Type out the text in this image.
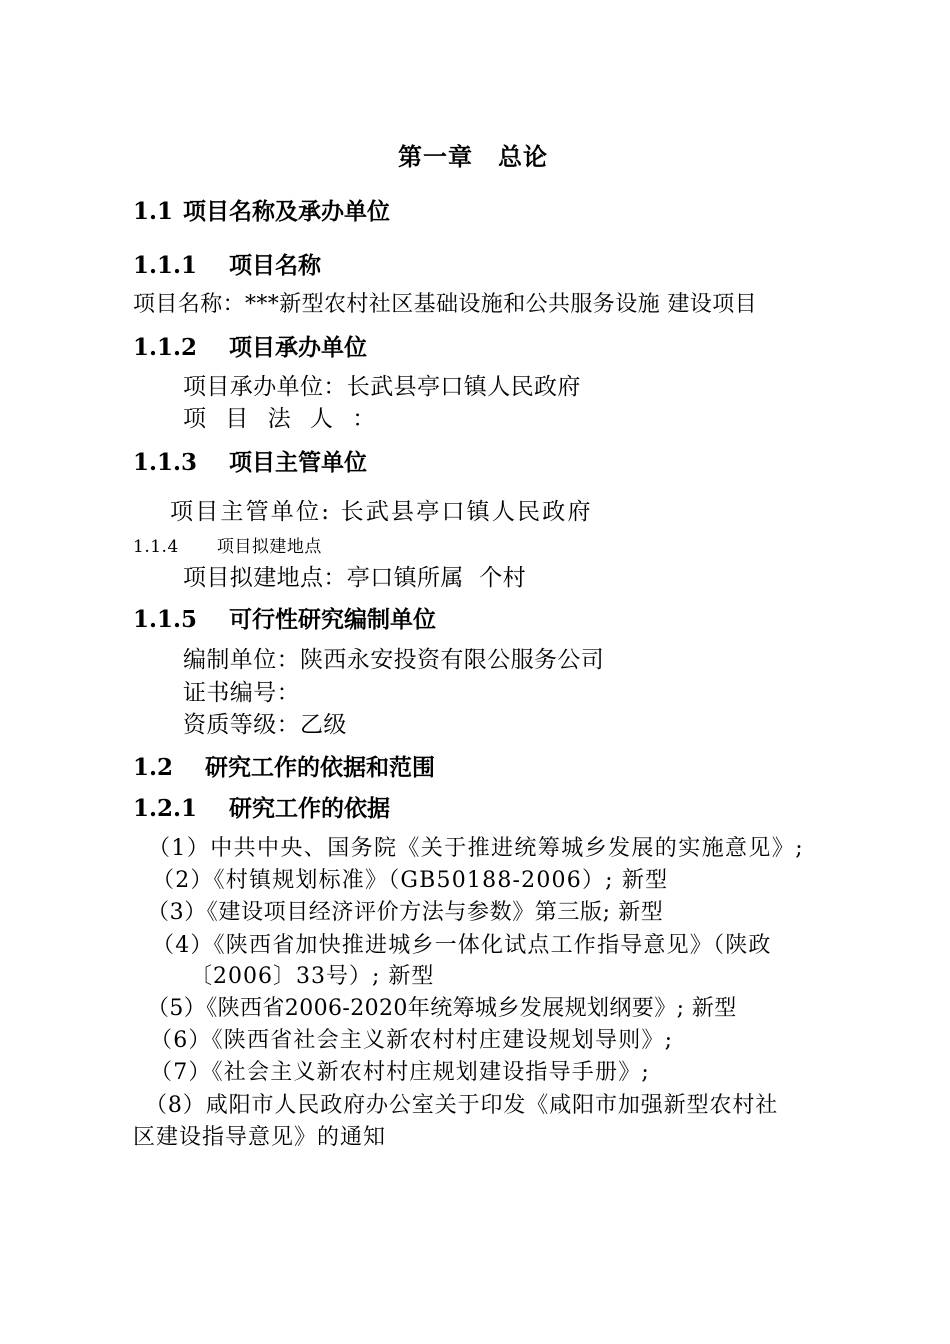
第一章　总论
1.1 项目名称及承办单位
1.1.1 项目名称
项目名称：***新型农村社区基础设施和公共服务设施 建设项目
1.1.2 项目承办单位
项目承办单位：长武县亭口镇人民政府
项 目 法 人 ：
1.1.3 项目主管单位
项目主管单位: 长武县亭口镇人民政府
1.1.4 项目拟建地点
项目拟建地点：亭口镇所属  个村
1.1.5 可行性研究编制单位
编制单位：陕西永安投资有限公服务公司
证书编号：
资质等级：乙级
1.2 研究工作的依据和范围
1.2.1 研究工作的依据
（1）中共中央、国务院《关于推进统筹城乡发展的实施意见》;
（2）《村镇规划标准》（GB50188-2006）; 新型
（3）《建设项目经济评价方法与参数》第三版; 新型
（4）《陕西省加快推进城乡一体化试点工作指导意见》（陕政
〔2006〕33号）; 新型
（5）《陕西省2006-2020年统筹城乡发展规划纲要》; 新型
（6）《陕西省社会主义新农村村庄建设规划导则》;
（7）《社会主义新农村村庄规划建设指导手册》;
（8）咸阳市人民政府办公室关于印发《咸阳市加强新型农村社
区建设指导意见》的通知
